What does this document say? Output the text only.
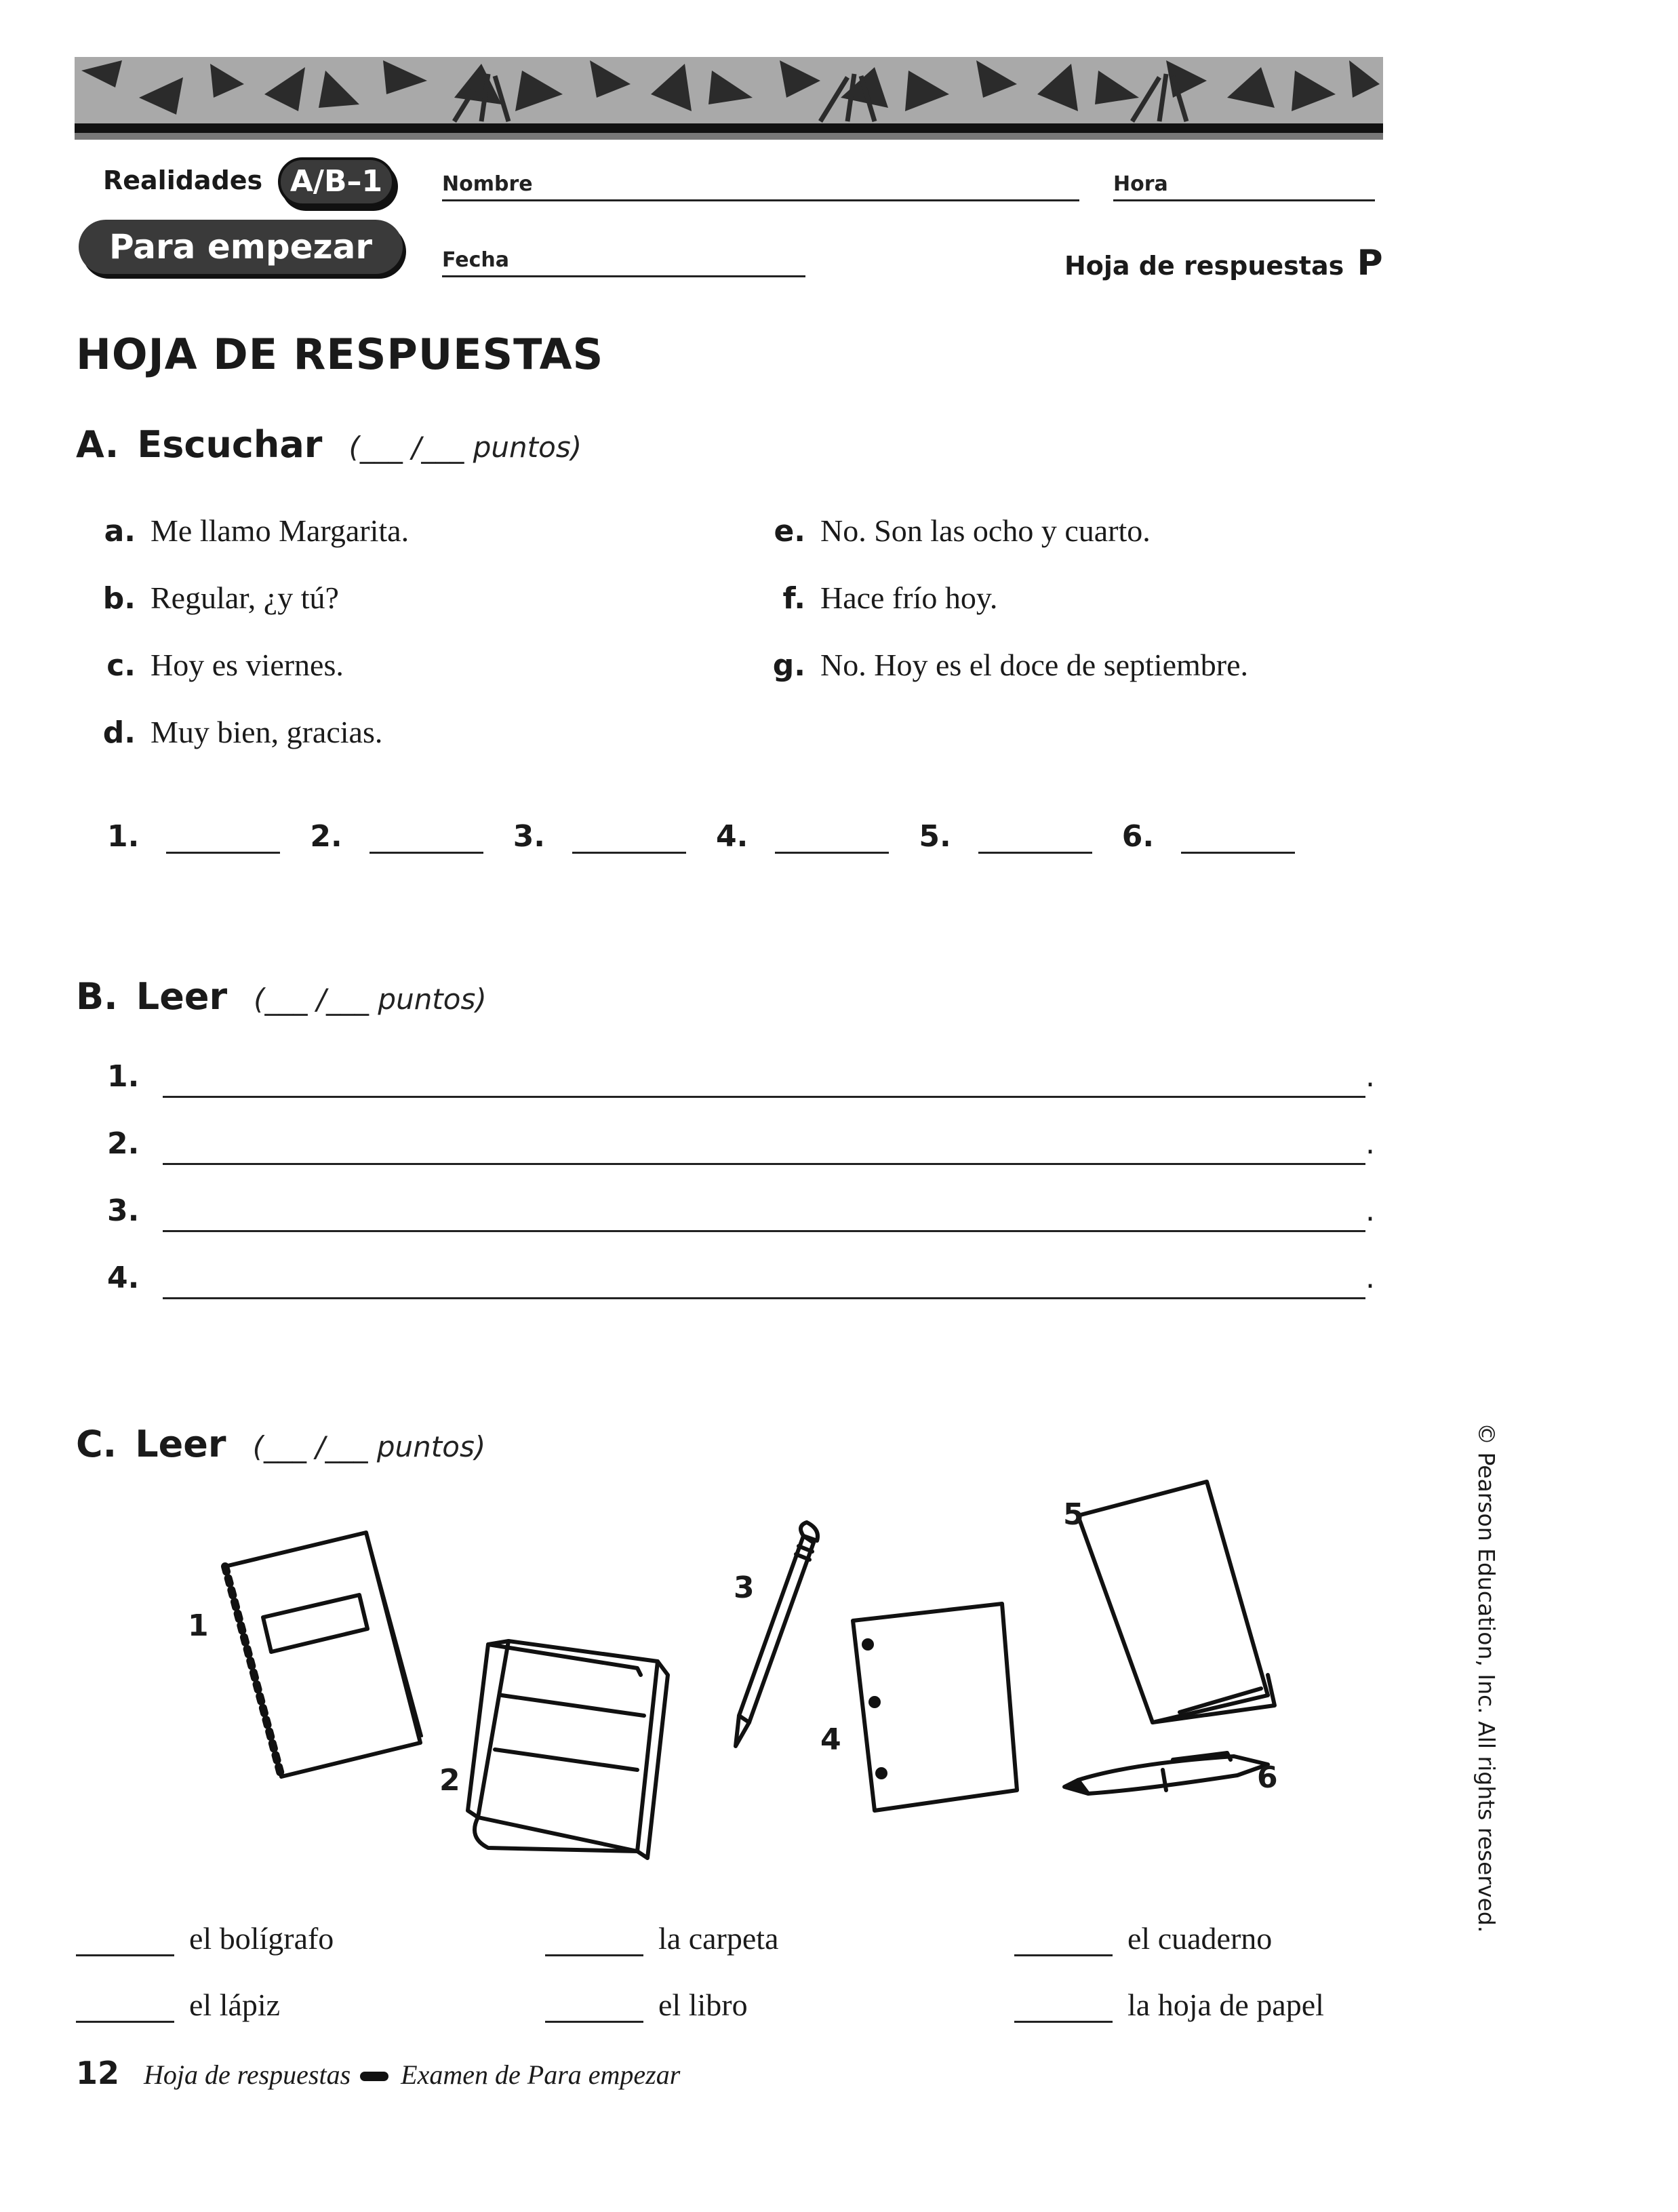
Realidades A/B–1
Para empezar
Nombre	Hora
Fecha	Hoja de respuestas P
HOJA DE RESPUESTAS
A. Escuchar (___ /___ puntos)
a. Me llamo Margarita.
b. Regular, ¿y tú?
c. Hoy es viernes.
d. Muy bien, gracias.
e. No. Son las ocho y cuarto.
f. Hace frío hoy.
g. No. Hoy es el doce de septiembre.
1.	2.	3.	4.	5.	6.
B. Leer (___ /___ puntos)
1.	.
2.	.
3.	.
4.	.
C. Leer (___ /___ puntos)
1
2
3
4
5
6
el bolígrafo	la carpeta	el cuaderno
el lápiz	el libro	la hoja de papel
12 Hoja de respuestas Examen de Para empezar
© Pearson Education, Inc. All rights reserved.
